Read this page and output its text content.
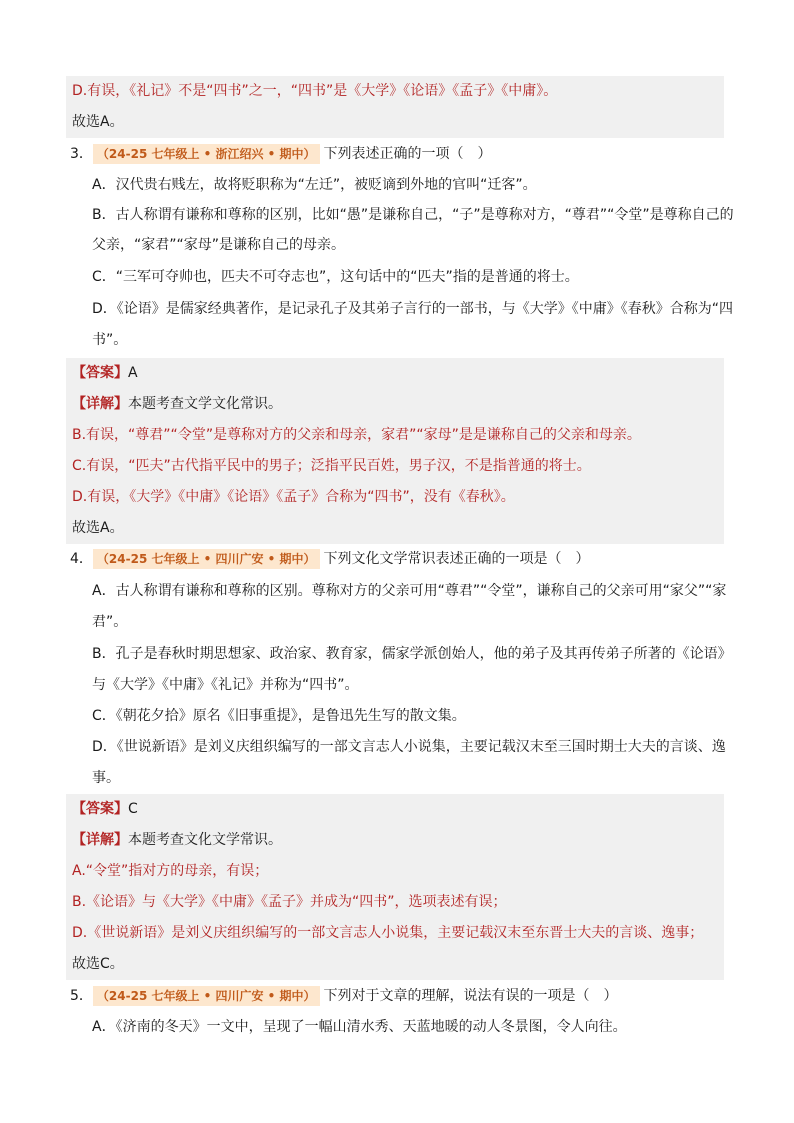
D.有误，《礼记》不是“四书”之一，“四书”是《大学》《论语》《孟子》《中庸》。
故选A。
3． （24-25 七年级上 • 浙江绍兴 • 期中） 下列表述正确的一项（　）
A．汉代贵右贱左，故将贬职称为“左迁”，被贬谪到外地的官叫“迁客”。
B．古人称谓有谦称和尊称的区别，比如“愚”是谦称自己，“子”是尊称对方，“尊君”“令堂”是尊称自己的
父亲，“家君”“家母”是谦称自己的母亲。
C．“三军可夺帅也，匹夫不可夺志也”，这句话中的“匹夫”指的是普通的将士。
D．《论语》是儒家经典著作，是记录孔子及其弟子言行的一部书，与《大学》《中庸》《春秋》合称为“四
书”。
【答案】A
【详解】本题考查文学文化常识。
B.有误，“尊君”“令堂”是尊称对方的父亲和母亲，家君”“家母”是是谦称自己的父亲和母亲。
C.有误，“匹夫”古代指平民中的男子；泛指平民百姓，男子汉，不是指普通的将士。
D.有误，《大学》《中庸》《论语》《孟子》合称为“四书”，没有《春秋》。
故选A。
4． （24-25 七年级上 • 四川广安 • 期中） 下列文化文学常识表述正确的一项是（　）
A．古人称谓有谦称和尊称的区别。尊称对方的父亲可用“尊君”“令堂”，谦称自己的父亲可用“家父”“家
君”。
B．孔子是春秋时期思想家、政治家、教育家，儒家学派创始人，他的弟子及其再传弟子所著的《论语》
与《大学》《中庸》《礼记》并称为“四书”。
C．《朝花夕拾》原名《旧事重提》，是鲁迅先生写的散文集。
D．《世说新语》是刘义庆组织编写的一部文言志人小说集，主要记载汉末至三国时期士大夫的言谈、逸
事。
【答案】C
【详解】本题考查文化文学常识。
A.“令堂”指对方的母亲，有误；
B.《论语》与《大学》《中庸》《孟子》并成为“四书”，选项表述有误；
D.《世说新语》是刘义庆组织编写的一部文言志人小说集，主要记载汉末至东晋士大夫的言谈、逸事；
故选C。
5． （24-25 七年级上 • 四川广安 • 期中） 下列对于文章的理解，说法有误的一项是（　）
A．《济南的冬天》一文中，呈现了一幅山清水秀、天蓝地暖的动人冬景图，令人向往。
